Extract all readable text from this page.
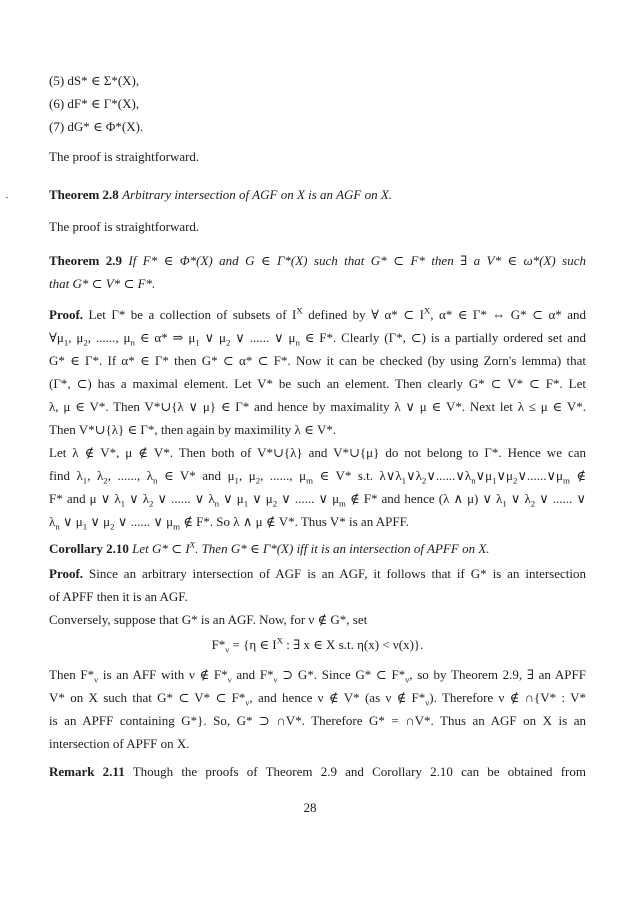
`
(5) dS* ∈ Σ*(X),
(6) dF* ∈ Γ*(X),
(7) dG* ∈ Φ*(X).
The proof is straightforward.
Theorem 2.8 Arbitrary intersection of AGF on X is an AGF on X.
The proof is straightforward.
Theorem 2.9 If F* ∈ Φ*(X) and G ∈ Γ*(X) such that G* ⊂ F* then ∃ a V* ∈ ω*(X) such
that G* ⊂ V* ⊂ F*.
Proof. Let Γ* be a collection of subsets of $I^X$ defined by ∀ α* ⊂ $I^X$, α* ∈ Γ* ⇔ G* ⊂ α* and
$\forall\mu_1$, $\mu_2$, ......, $\mu_n$ ∈ α* ⇒ $\mu_1$ ∨ $\mu_2$ ∨ ...... ∨ $\mu_n$ ∈ F*. Clearly (Γ*, ⊂) is a partially ordered set and
G* ∈ Γ*. If α* ∈ Γ* then G* ⊂ α* ⊂ F*. Now it can be checked (by using Zorn's lemma) that
(Γ*, ⊂) has a maximal element. Let V* be such an element. Then clearly G* ⊂ V* ⊂ F*. Let
λ, μ ∈ V*. Then V*∪{λ ∨ μ} ∈ Γ* and hence by maximality λ ∨ μ ∈ V*. Next let λ ≤ μ ∈ V*.
Then V*∪{λ} ∈ Γ*, then again by maximility λ ∈ V*.
Let λ ∉ V*, μ ∉ V*. Then both of V*∪{λ} and V*∪{μ} do not belong to Γ*. Hence we can
find $\lambda_1$, $\lambda_2$, ......, $\lambda_n$ ∈ V* and $\mu_1$, $\mu_2$, ......, $\mu_m$ ∈ V* s.t. $\lambda\vee\lambda_1\vee\lambda_2\vee......\vee\lambda_n\vee\mu_1\vee\mu_2\vee......\vee\mu_m$ ∉
F* and μ ∨ $\lambda_1$ ∨ $\lambda_2$ ∨ ...... ∨ $\lambda_n$ ∨ $\mu_1$ ∨ $\mu_2$ ∨ ...... ∨ $\mu_m$ ∉ F* and hence (λ ∧ μ) ∨ $\lambda_1$ ∨ $\lambda_2$ ∨ ...... ∨
$\lambda_n$ ∨ $\mu_1$ ∨ $\mu_2$ ∨ ...... ∨ $\mu_m$ ∉ F*. So λ ∧ μ ∉ V*. Thus V* is an APFF.
Corollary 2.10 Let G* ⊂ $I^X$. Then G* ∈ Γ*(X) iff it is an intersection of APFF on X.
Proof. Since an arbitrary intersection of AGF is an AGF, it follows that if G* is an intersection
of APFF then it is an AGF.
Conversely, suppose that G* is an AGF. Now, for ν ∉ G*, set
$F*_\nu = \{\eta$ ∈ $I^X$ : ∃ x ∈ X s.t. η(x) < ν(x)}.
Then $F*_\nu$ is an AFF with ν ∉ $F*_\nu$ and $F*_\nu$ ⊃ G*. Since G* ⊂ $F*_\nu$, so by Theorem 2.9, ∃ an APFF
V* on X such that G* ⊂ V* ⊂ $F*_\nu$, and hence ν ∉ V* (as ν ∉ $F*_\nu$). Therefore ν ∉ ∩{V* : V*
is an APFF containing G*}. So, G* ⊃ ∩V*. Therefore G* = ∩V*. Thus an AGF on X is an
intersection of APFF on X.
Remark 2.11 Though the proofs of Theorem 2.9 and Corollary 2.10 can be obtained from
28
